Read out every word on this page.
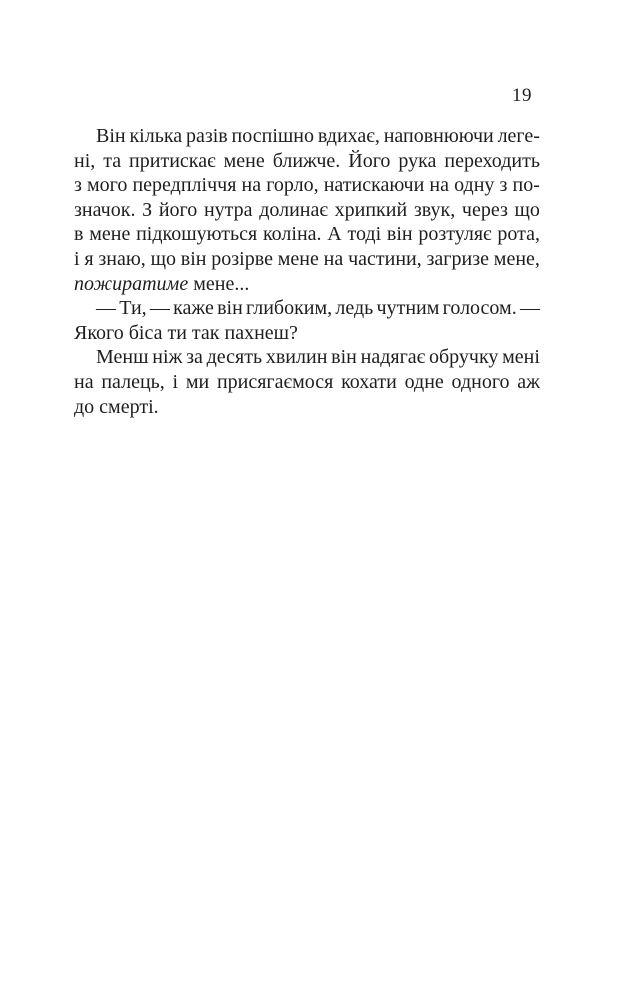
19
Він кілька разів поспішно вдихає, наповнюючи леге-
ні, та притискає мене ближче. Його рука переходить
з мого передпліччя на горло, натискаючи на одну з по-
значок. З його нутра долинає хрипкий звук, через що
в мене підкошуються коліна. А тоді він розтуляє рота,
і я знаю, що він розірве мене на частини, загризе мене,
пожиратиме мене...
— Ти, — каже він глибоким, ледь чутним голосом. —
Якого біса ти так пахнеш?
Менш ніж за десять хвилин він надягає обручку мені
на палець, і ми присягаємося кохати одне одного аж
до смерті.
